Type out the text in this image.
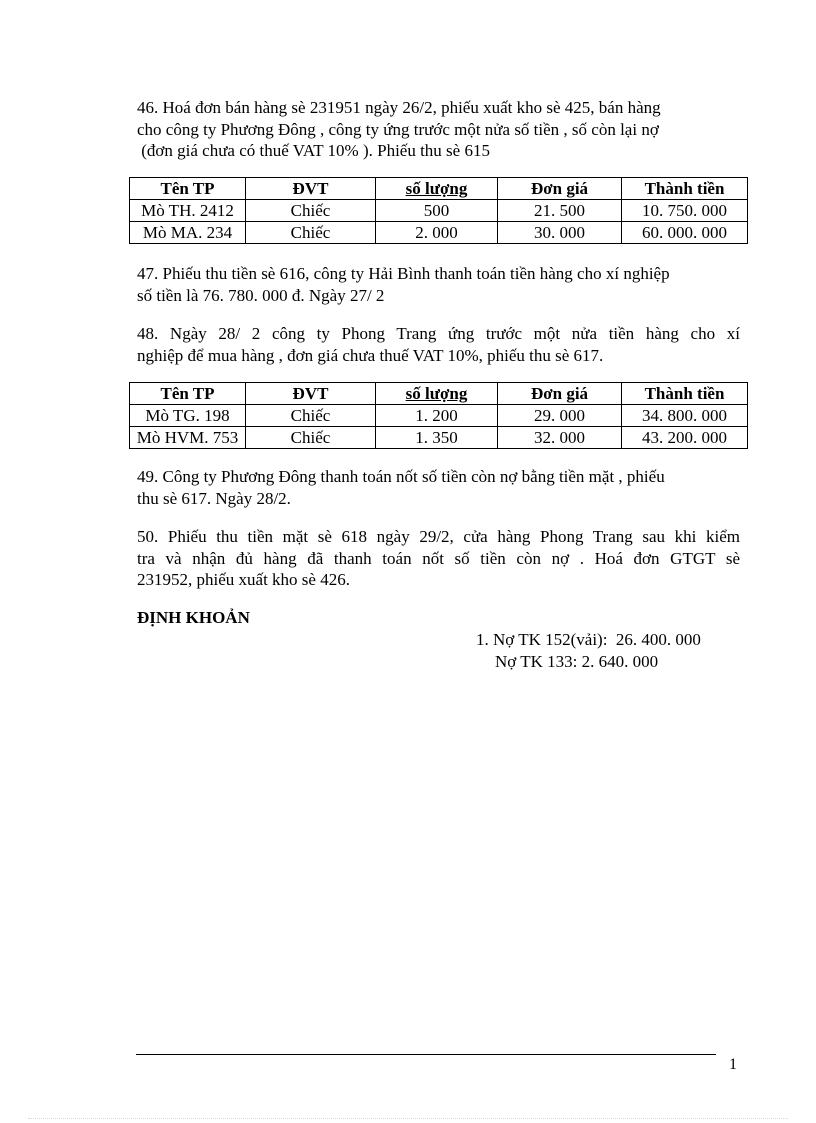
46. Hoá đơn bán hàng sè 231951 ngày 26/2, phiếu xuất kho sè 425, bán hàng
cho công ty Phương Đông , công ty ứng trước một nửa số tiền , số còn lại nợ
(đơn giá chưa có thuế VAT 10% ). Phiếu thu sè 615

Tên TP	ĐVT	số lượng	Đơn giá	Thành tiền
Mò TH. 2412	Chiếc	500	21. 500	10. 750. 000
Mò MA. 234	Chiếc	2. 000	30. 000	60. 000. 000

47. Phiếu thu tiền sè 616, công ty Hải Bình thanh toán tiền hàng cho xí nghiệp
số tiền là 76. 780. 000 đ. Ngày 27/ 2

48. Ngày 28/ 2 công ty Phong Trang ứng trước một nửa tiền hàng cho xí
nghiệp để mua hàng , đơn giá chưa thuế VAT 10%, phiếu thu sè 617.

Tên TP	ĐVT	số lượng	Đơn giá	Thành tiền
Mò TG. 198	Chiếc	1. 200	29. 000	34. 800. 000
Mò HVM. 753	Chiếc	1. 350	32. 000	43. 200. 000

49. Công ty Phương Đông thanh toán nốt số tiền còn nợ bằng tiền mặt , phiếu
thu sè 617. Ngày 28/2.

50. Phiếu thu tiền mặt sè 618 ngày 29/2, cửa hàng Phong Trang sau khi kiểm
tra và nhận đủ hàng đã thanh toán nốt số tiền còn nợ . Hoá đơn GTGT sè
231952, phiếu xuất kho sè 426.

ĐỊNH KHOẢN

1. Nợ TK 152(vải):  26. 400. 000
Nợ TK 133: 2. 640. 000
1
